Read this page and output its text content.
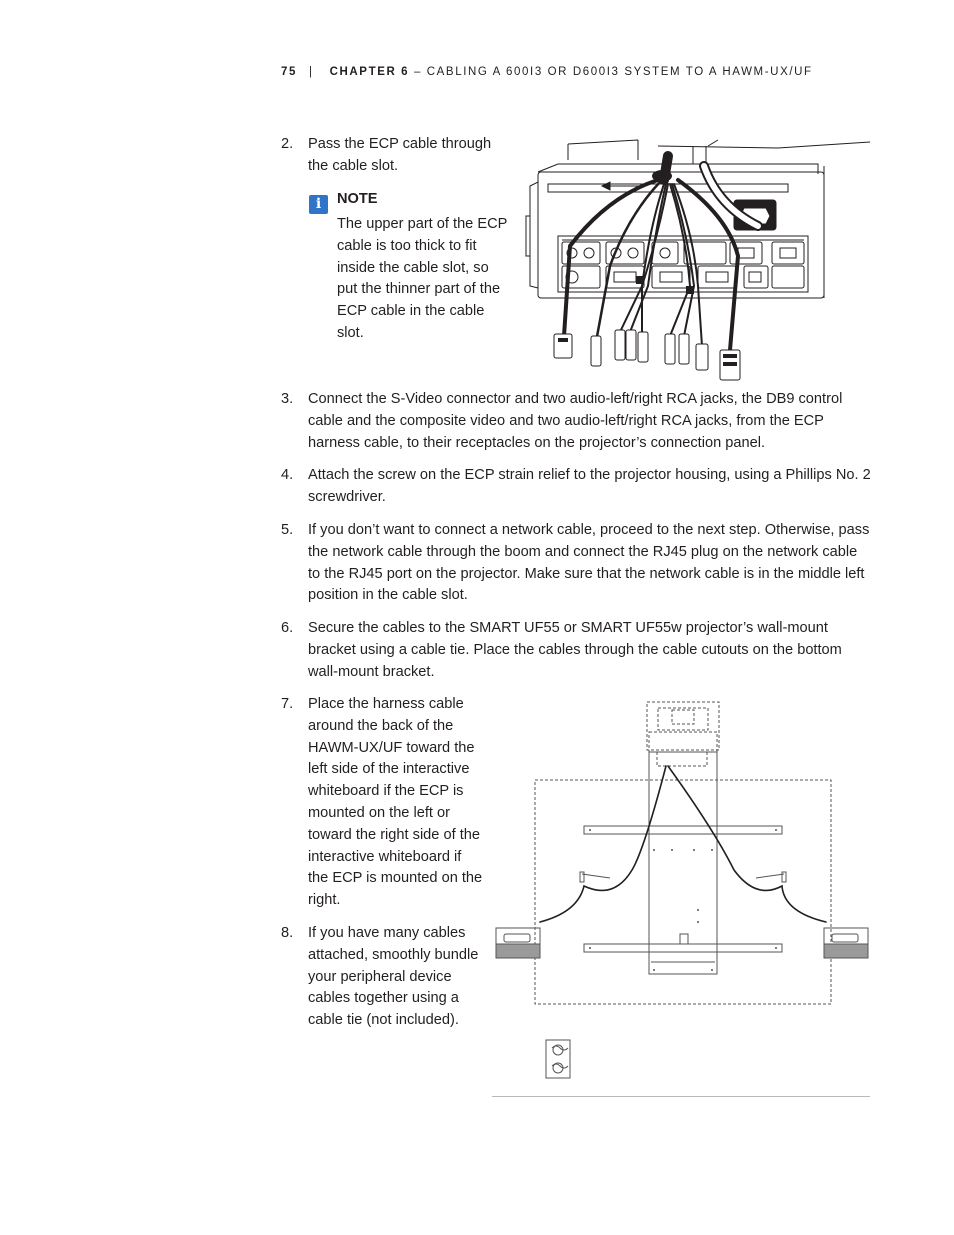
75 | CHAPTER 6 – CABLING A 600I3 OR D600I3 SYSTEM TO A HAWM-UX/UF
2.	Pass the ECP cable through the cable slot.
i	NOTE
The upper part of the ECP cable is too thick to fit inside the cable slot, so put the thinner part of the ECP cable in the cable slot.
3.	Connect the S-Video connector and two audio-left/right RCA jacks, the DB9 control cable and the composite video and two audio-left/right RCA jacks, from the ECP harness cable, to their receptacles on the projector’s connection panel.
4.	Attach the screw on the ECP strain relief to the projector housing, using a Phillips No. 2 screwdriver.
5.	If you don’t want to connect a network cable, proceed to the next step. Otherwise, pass the network cable through the boom and connect the RJ45 plug on the network cable to the RJ45 port on the projector. Make sure that the network cable is in the middle left position in the cable slot.
6.	Secure the cables to the SMART UF55 or SMART UF55w projector’s wall-mount bracket using a cable tie. Place the cables through the cable cutouts on the bottom wall-mount bracket.
7.	Place the harness cable around the back of the HAWM-UX/UF toward the left side of the interactive whiteboard if the ECP is mounted on the left or toward the right side of the interactive whiteboard if the ECP is mounted on the right.
8.	If you have many cables attached, smoothly bundle your peripheral device cables together using a cable tie (not included).
